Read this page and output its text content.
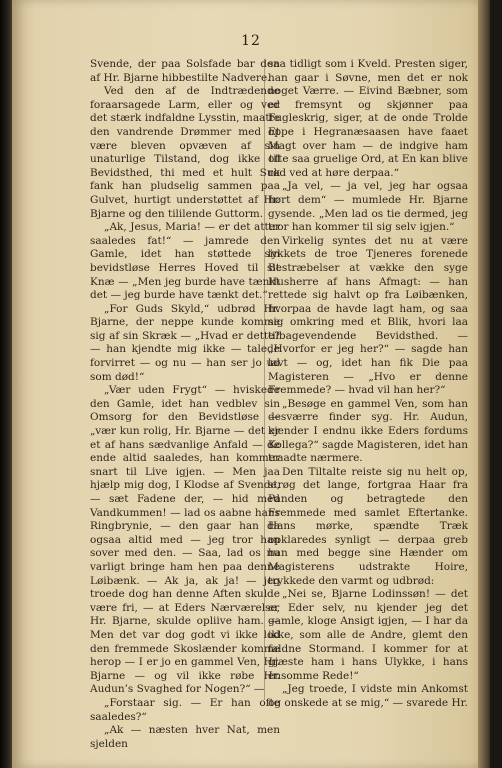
12

Svende, der paa Solsfade bar den af Hr. Bjarne hibbestilte Nadvere.

Ved den af de Indtrædende foraarsagede Larm, eller og ved det stærk indfaldne Lysstin, maatte den vandrende Drømmer med Et være bleven opvæven af sin unaturlige Tilstand, dog ikke til Bevidsthed, thi med et hult Suk fank han pludselig sammen paa Gulvet, hurtigt understøttet af Hr. Bjarne og den tililende Guttorm.

„Ak, Jesus, Maria! — er det atter saaledes fat!“ — jamrede den Gamle, idet han støttede sin bevidstløse Herres Hoved til sit Knæ — „Men jeg burde have tænkt det — jeg burde have tænkt det.“

„For Guds Skyld,“ udbrød Hr. Bjarne, der neppe kunde komme sig af sin Skræk — „Hvad er dette? — han kjendte mig ikke — talede forvirret — og nu — han ser jo ud som død!“

„Vær uden Frygt“ — hviskede den Gamle, idet han vedblev sin Omsorg for den Bevidstløse — „vær kun rolig, Hr. Bjarne — det er et af hans sædvanlige Anfald — de ende altid saaledes, han kommer snart til Live igjen. — Men jaa hjælp mig dog, I Klodse af Svende, — sæt Fadene der, — hid med Vandkummen! — lad os aabne hans Ringbrynie, — den gaar han da ogsaa altid med — jeg tror han sover med den. — Saa, lad os nu varligt bringe ham hen paa denne Løibænk. — Ak ja, ak ja! — jeg troede dog han denne Aften skulde være fri, — at Eders Nærværelse, Hr. Bjarne, skulde opliive ham. — Men det var dog godt vi ikke lod den fremmede Skoslænder komme herop — I er jo en gammel Ven, Hr. Bjarne — og vil ikke røbe Hr. Audun’s Svaghed for Nogen?“ —

„Forstaar sig. — Er han ofte saaledes?“

„Ak — næsten hver Nat, men sjelden

saa tidligt som i Kveld. Presten siger, han gaar i Søvne, men det er nok noget Værre. — Eivind Bæbner, som er fremsynt og skjønner paa Fugleskrig, siger, at de onde Trolde oppe i Hegranæsaasen have faaet Magt over ham — de indgive ham ofte saa gruelige Ord, at En kan blive rød ved at høre derpaa.“

„Ja vel, — ja vel, jeg har ogsaa hørt dem“ — mumlede Hr. Bjarne gysende. „Men lad os tie dermed, jeg tror han kommer til sig selv igjen.“

Virkelig syntes det nu at være lykkets de troe Tjeneres forenede Bestræbelser at vække den syge Husherre af hans Afmagt: — han rettede sig halvt op fra Løibænken, hvorpaa de havde lagt ham, og saa sig omkring med et Blik, hvori laa tilbagevendende Bevidsthed. — „Hvorfor er jeg her?“ — sagde han lavt — og, idet han fik Die paa Magisteren — „Hvo er denne Fremmede? — hvad vil han her?“

„Besøge en gammel Ven, som han desværre finder syg. Hr. Audun, kjender I endnu ikke Eders fordums Kollega?“ sagde Magisteren, idet han traadte nærmere.

Den Tiltalte reiste sig nu helt op, strøg det lange, fortgraa Haar fra Panden og betragtede den Fremmede med samlet Eftertanke. Hans mørke, spændte Træk opklaredes synligt — derpaa greb han med begge sine Hænder om Magisterens udstrakte Hoire, trykkede den varmt og udbrød:

„Nei se, Bjarne Lodinssøn! — det er Eder selv, nu kjender jeg det gamle, kloge Ansigt igjen, — I har da ikke, som alle de Andre, glemt den faldne Stormand. I kommer for at gjæste ham i hans Ulykke, i hans ensomme Rede!“

„Jeg troede, I vidste min Ankomst og onskede at se mig,“ — svarede Hr.
